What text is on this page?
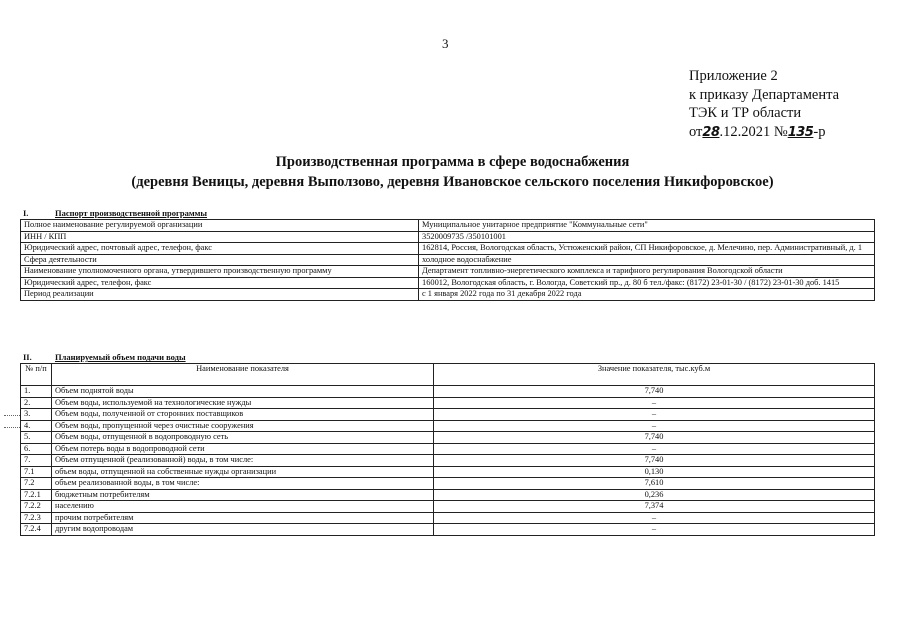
3
Приложение 2
к приказу Департамента
ТЭК и ТР области
от28.12.2021 №135-р
Производственная программа в сфере водоснабжения
(деревня Веницы, деревня Выползово, деревня Ивановское сельского поселения Никифоровское)
I.	Паспорт производственной программы
Полное наименование регулируемой организации	Муниципальное унитарное предприятие "Коммунальные сети"
ИНН / КПП	3520009735 /350101001
Юридический адрес, почтовый адрес, телефон, факс	162814, Россия, Вологодская область, Устюженский район, СП Никифоровское, д. Мелечино, пер. Административный, д. 1
Сфера деятельности	холодное водоснабжение
Наименование уполномоченного органа, утвердившего производственную программу	Департамент топливно-энергетического комплекса и тарифного регулирования Вологодской области
Юридический адрес, телефон, факс	160012, Вологодская область, г. Вологда, Советский пр., д. 80 б тел./факс: (8172) 23-01-30 / (8172) 23-01-30 доб. 1415
Период реализации	с 1 января 2022 года по 31 декабря 2022 года
II.	Планируемый объем подачи воды
№ п/п	Наименование показателя	Значение показателя, тыс.куб.м
1.	Объем поднятой воды	7,740
2.	Объем воды, используемой на технологические нужды	–
3.	Объем воды, полученной от сторонних поставщиков	–
4.	Объем воды, пропущенной через очистные сооружения	–
5.	Объем воды, отпущенной в водопроводную сеть	7,740
6.	Объем потерь воды в водопроводной сети	–
7.	Объем отпущенной (реализованной) воды, в том числе:	7,740
7.1	объем воды, отпущенной на собственные нужды организации	0,130
7.2	объем реализованной воды, в том числе:	7,610
7.2.1	бюджетным потребителям	0,236
7.2.2	населению	7,374
7.2.3	прочим потребителям	–
7.2.4	другим водопроводам	–
